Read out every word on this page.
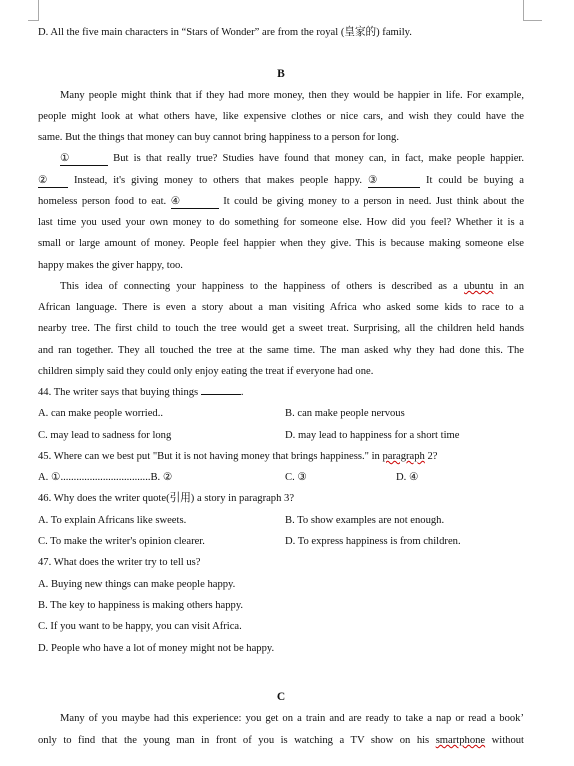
D. All the five main characters in “Stars of Wonder” are from the royal (皇家的) family.
B
Many people might think that if they had more money, then they would be happier in life. For example,
people might look at what others have, like expensive clothes or nice cars, and wish they could have the
same. But the things that money can buy cannot bring happiness to a person for long.
①	But is that really true? Studies have found that money can, in fact, make people happier.
② Instead, it's giving money to others that makes people happy. ③	It could be buying a
homeless person food to eat. ④	It could be giving money to a person in need. Just think about the
last time you used your own money to do something for someone else. How did you feel? Whether it is a
small or large amount of money. People feel happier when they give. This is because making someone else
happy makes the giver happy, too.
This idea of connecting your happiness to the happiness of others is described as a ubuntu in an
African language. There is even a story about a man visiting Africa who asked some kids to race to a
nearby tree. The first child to touch the tree would get a sweet treat. Surprising, all the children held hands
and ran together. They all touched the tree at the same time. The man asked why they had done this. The
children simply said they could only enjoy eating the treat if everyone had one.
44. The writer says that buying things	.
A. can make people worried..	B. can make people nervous
C. may lead to sadness for long	D. may lead to happiness for a short time
45. Where can we best put "But it is not having money that brings happiness." in paragraph 2?
A. ①..................................B. ②	C. ③	D. ④
46. Why does the writer quote(引用) a story in paragraph 3?
A. To explain Africans like sweets.	B. To show examples are not enough.
C. To make the writer's opinion clearer.	D. To express happiness is from children.
47. What does the writer try to tell us?
A. Buying new things can make people happy.
B. The key to happiness is making others happy.
C. If you want to be happy, you can visit Africa.
D. People who have a lot of money might not be happy.
C
Many of you maybe had this experience: you get on a train and are ready to take a nap or read a bookʼ
only to find that the young man in front of you is watching a TV show on his smartphone without
